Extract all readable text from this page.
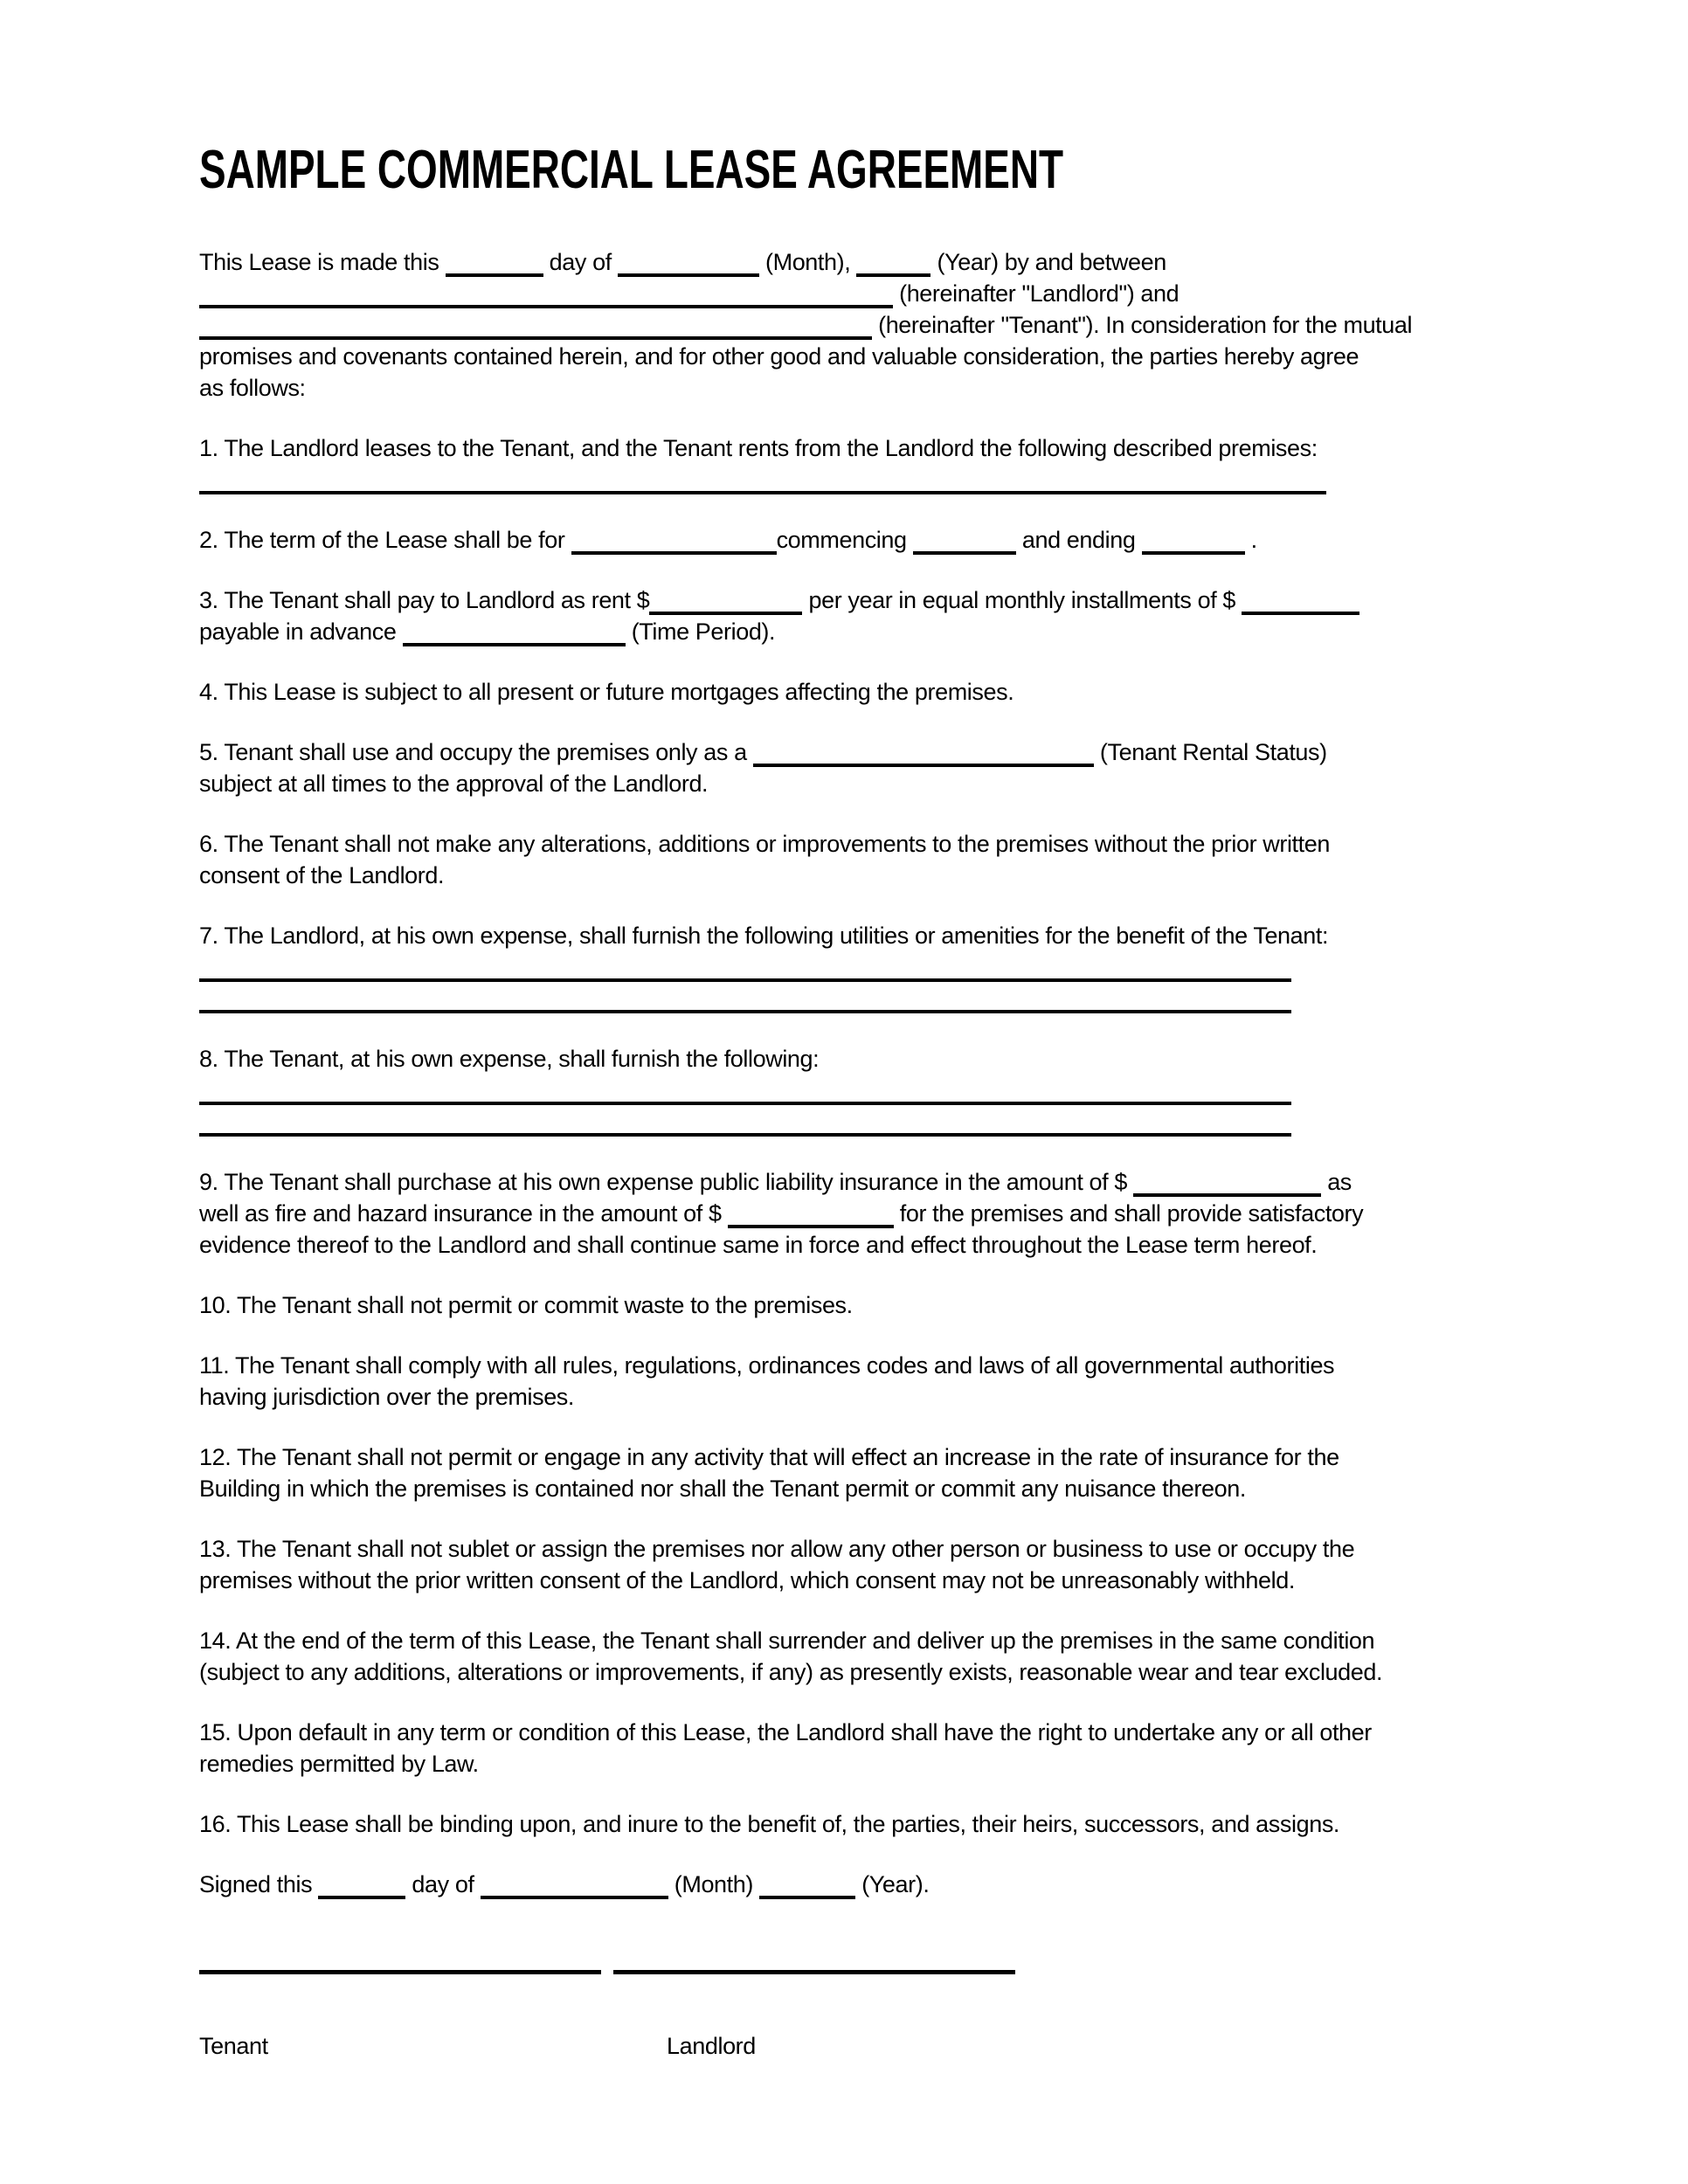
SAMPLE COMMERCIAL LEASE AGREEMENT
This Lease is made this	day of	(Month),	(Year) by and between
(hereinafter "Landlord") and
(hereinafter "Tenant"). In consideration for the mutual
promises and covenants contained herein, and for other good and valuable consideration, the parties hereby agree
as follows:
1. The Landlord leases to the Tenant, and the Tenant rents from the Landlord the following described premises:

2. The term of the Lease shall be for	commencing	and ending	.
3. The Tenant shall pay to Landlord as rent $	per year in equal monthly installments of $
payable in advance	(Time Period).
4. This Lease is subject to all present or future mortgages affecting the premises.
5. Tenant shall use and occupy the premises only as a	(Tenant Rental Status)
subject at all times to the approval of the Landlord.
6. The Tenant shall not make any alterations, additions or improvements to the premises without the prior written
consent of the Landlord.
7. The Landlord, at his own expense, shall furnish the following utilities or amenities for the benefit of the Tenant:

8. The Tenant, at his own expense, shall furnish the following:

9. The Tenant shall purchase at his own expense public liability insurance in the amount of $	as
well as fire and hazard insurance in the amount of $	for the premises and shall provide satisfactory
evidence thereof to the Landlord and shall continue same in force and effect throughout the Lease term hereof.
10. The Tenant shall not permit or commit waste to the premises.
11. The Tenant shall comply with all rules, regulations, ordinances codes and laws of all governmental authorities
having jurisdiction over the premises.
12. The Tenant shall not permit or engage in any activity that will effect an increase in the rate of insurance for the
Building in which the premises is contained nor shall the Tenant permit or commit any nuisance thereon.
13. The Tenant shall not sublet or assign the premises nor allow any other person or business to use or occupy the
premises without the prior written consent of the Landlord, which consent may not be unreasonably withheld.
14. At the end of the term of this Lease, the Tenant shall surrender and deliver up the premises in the same condition
(subject to any additions, alterations or improvements, if any) as presently exists, reasonable wear and tear excluded.
15. Upon default in any term or condition of this Lease, the Landlord shall have the right to undertake any or all other
remedies permitted by Law.
16. This Lease shall be binding upon, and inure to the benefit of, the parties, their heirs, successors, and assigns.
Signed this	day of	(Month)	(Year).
Tenant	Landlord
